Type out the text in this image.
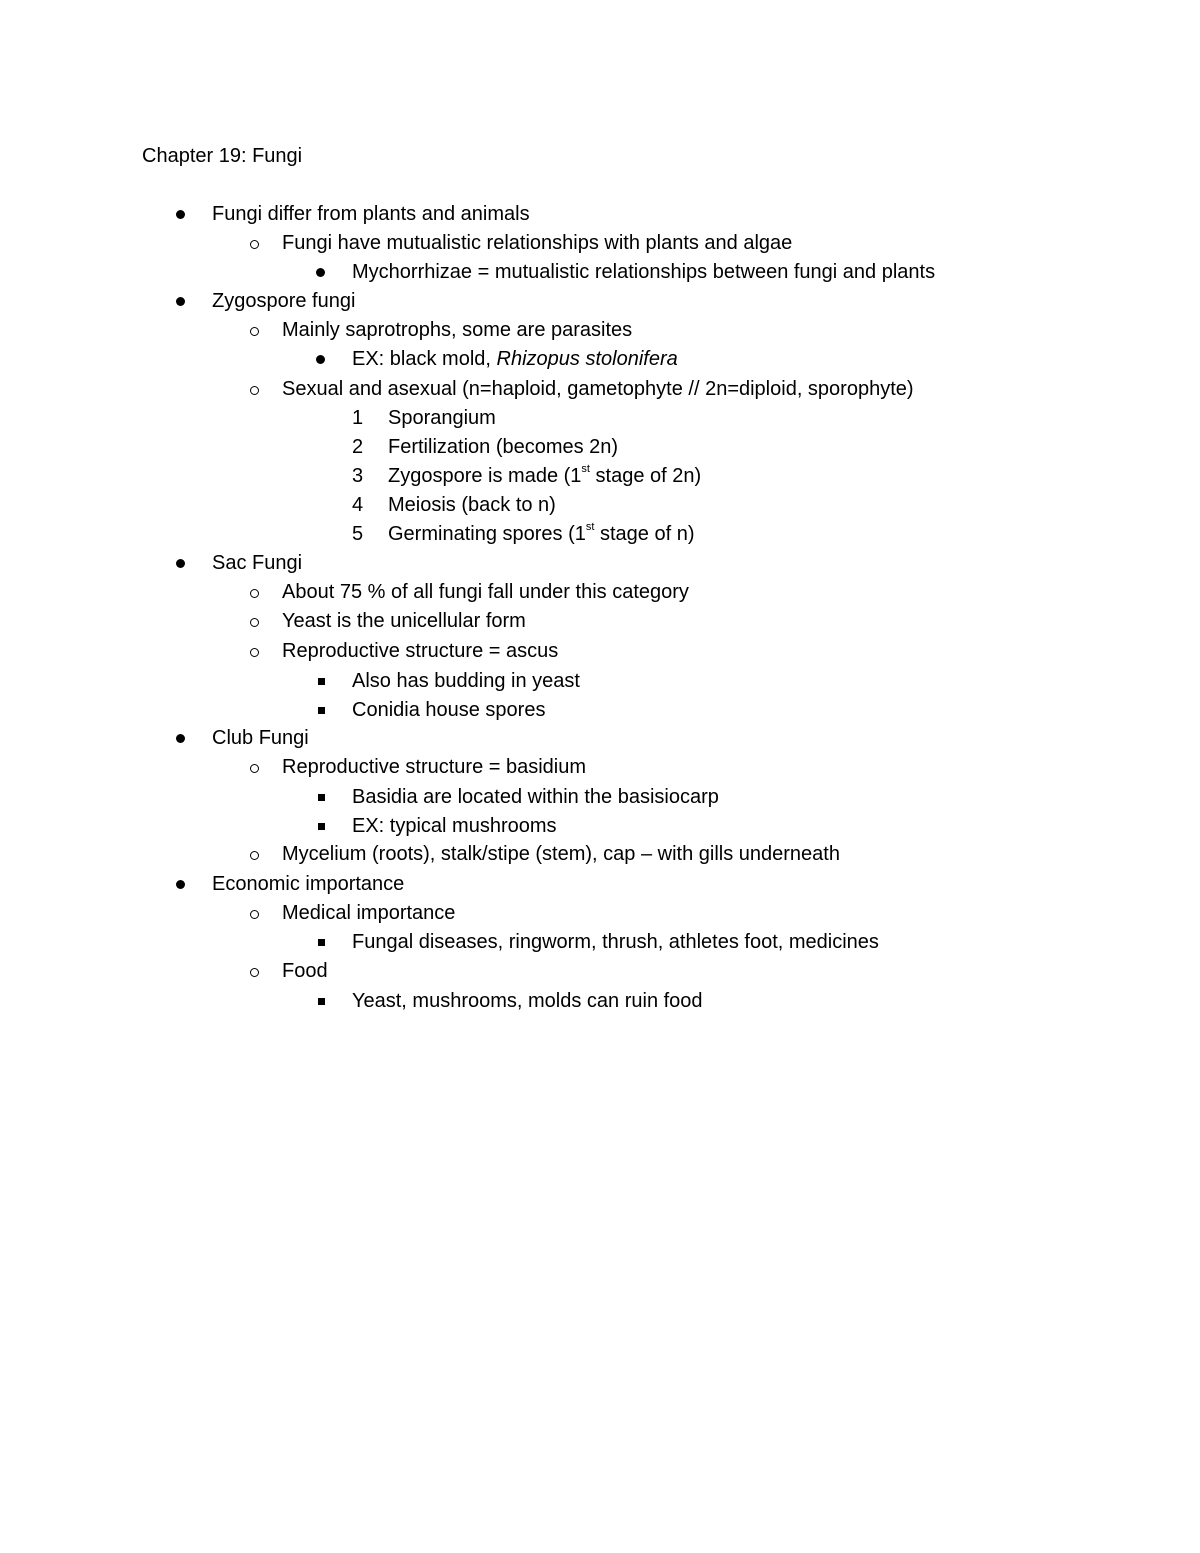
Chapter 19: Fungi
Fungi differ from plants and animals
Fungi have mutualistic relationships with plants and algae
Mychorrhizae = mutualistic relationships between fungi and plants
Zygospore fungi
Mainly saprotrophs, some are parasites
EX: black mold, Rhizopus stolonifera
Sexual and asexual (n=haploid, gametophyte // 2n=diploid, sporophyte)
1 Sporangium
2 Fertilization (becomes 2n)
3 Zygospore is made (1st stage of 2n)
4 Meiosis (back to n)
5 Germinating spores (1st stage of n)
Sac Fungi
About 75 % of all fungi fall under this category
Yeast is the unicellular form
Reproductive structure = ascus
Also has budding in yeast
Conidia house spores
Club Fungi
Reproductive structure = basidium
Basidia are located within the basisiocarp
EX: typical mushrooms
Mycelium (roots), stalk/stipe (stem), cap – with gills underneath
Economic importance
Medical importance
Fungal diseases, ringworm, thrush, athletes foot, medicines
Food
Yeast, mushrooms, molds can ruin food
